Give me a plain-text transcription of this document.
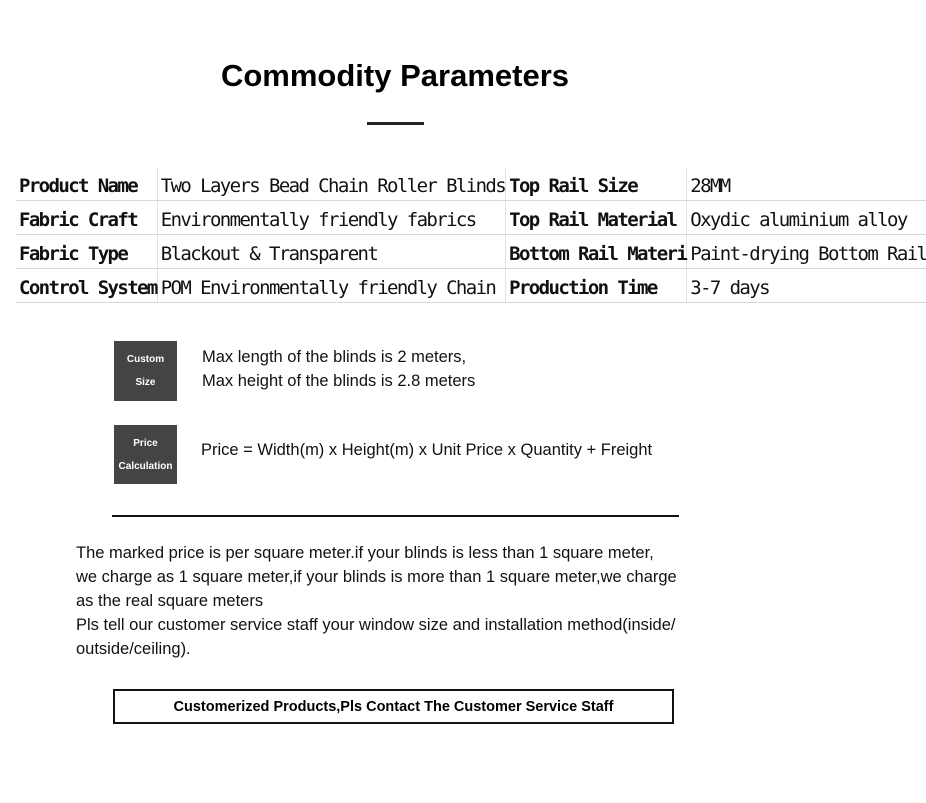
Commodity Parameters
Product Name	Two Layers Bead Chain Roller Blinds	Top Rail Size	28MM
Fabric Craft	Environmentally friendly fabrics	Top Rail Material	Oxydic aluminium alloy
Fabric Type	Blackout & Transparent	Bottom Rail Materi	Paint-drying Bottom Rail
Control System	POM Environmentally friendly Chain	Production Time	3-7 days
Custom
Size
Max length of the blinds is 2 meters,
Max height of the blinds is 2.8 meters
Price
Calculation
Price = Width(m) x Height(m) x Unit Price x Quantity + Freight
The marked price is per square meter.if your blinds is less than 1 square meter,
we charge as 1 square meter,if your blinds is more than 1 square meter,we charge
as the real square meters
Pls tell our customer service staff your window size and installation method(inside/
outside/ceiling).
Customerized Products,Pls Contact The Customer Service Staff
